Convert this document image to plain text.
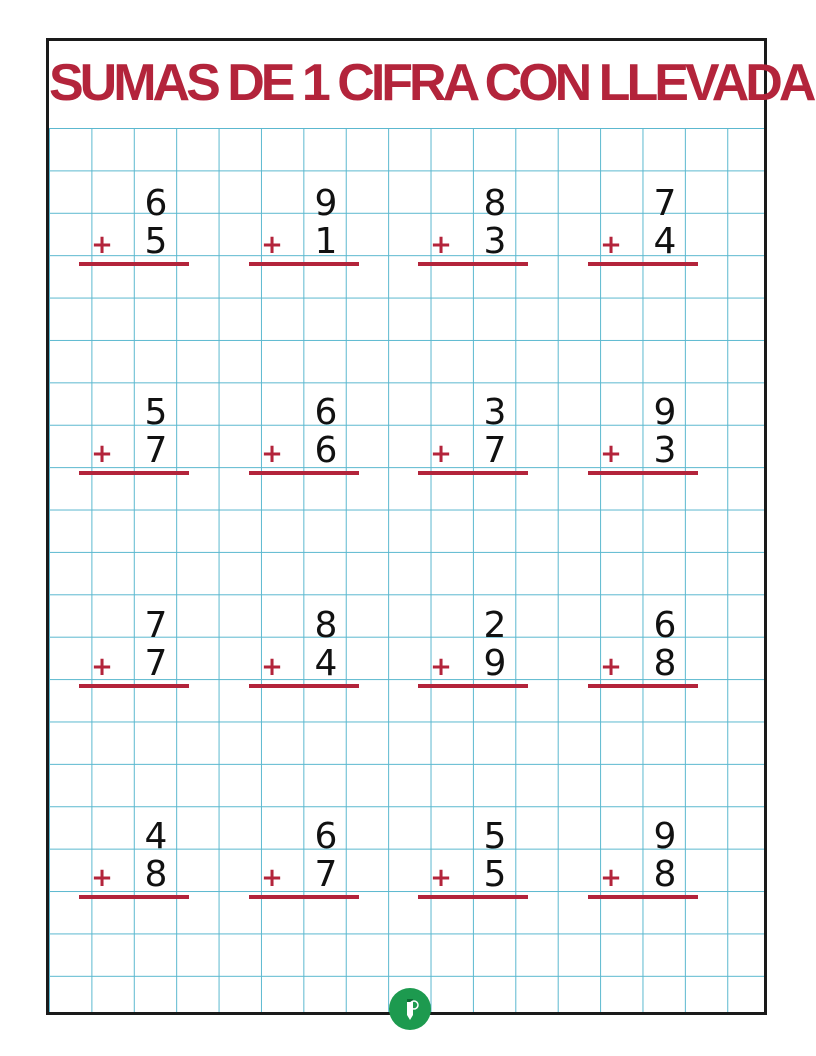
SUMAS DE 1 CIFRA CON LLEVADA
6
+ 5
9
+ 1
8
+ 3
7
+ 4
5
+ 7
6
+ 6
3
+ 7
9
+ 3
7
+ 7
8
+ 4
2
+ 9
6
+ 8
4
+ 8
6
+ 7
5
+ 5
9
+ 8
